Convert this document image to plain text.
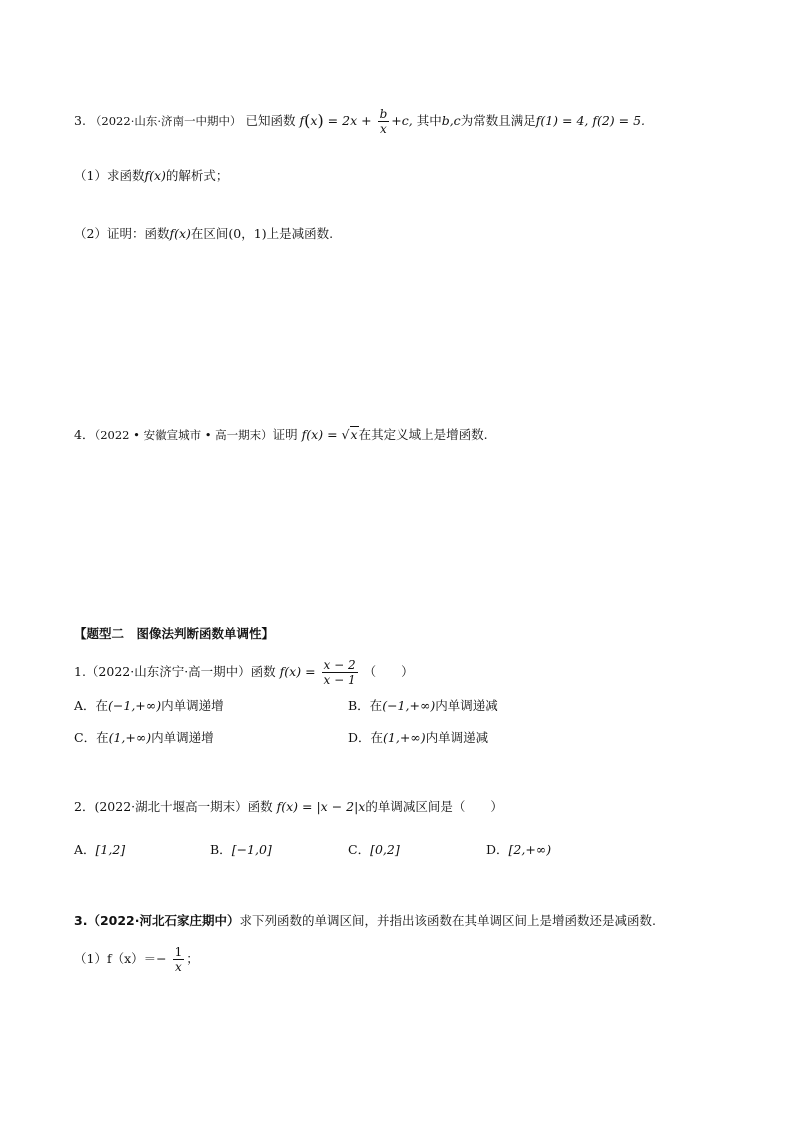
3. （2022·山东·济南一中期中） 已知函数 $f(x) = 2x + \frac{b}{x} +c$, 其中b,c为常数且满足f(1) = 4, f(2) = 5.
（1）求函数f(x)的解析式；
（2）证明：函数f(x)在区间(0，1)上是减函数.
4．（2022 • 安徽宣城市 • 高一期末）证明 f(x) = √x在其定义域上是增函数.
【题型二　图像法判断函数单调性】
1.（2022·山东济宁·高一期中）函数 $f(x) = \frac{x - 2}{x - 1}$ （　　）
A．在(−1,+∞)内单调递增	B．在(−1,+∞)内单调递减
C．在(1,+∞)内单调递增	D．在(1,+∞)内单调递减
2．(2022·湖北十堰高一期末）函数 f(x) = |x − 2|x的单调减区间是（　　）
A．[1,2]	B．[−1,0]	C．[0,2]	D．[2,+∞)
3.（2022·河北石家庄期中）求下列函数的单调区间，并指出该函数在其单调区间上是增函数还是减函数.
$(1)f(x)=- \frac{1}{x}$ ；
